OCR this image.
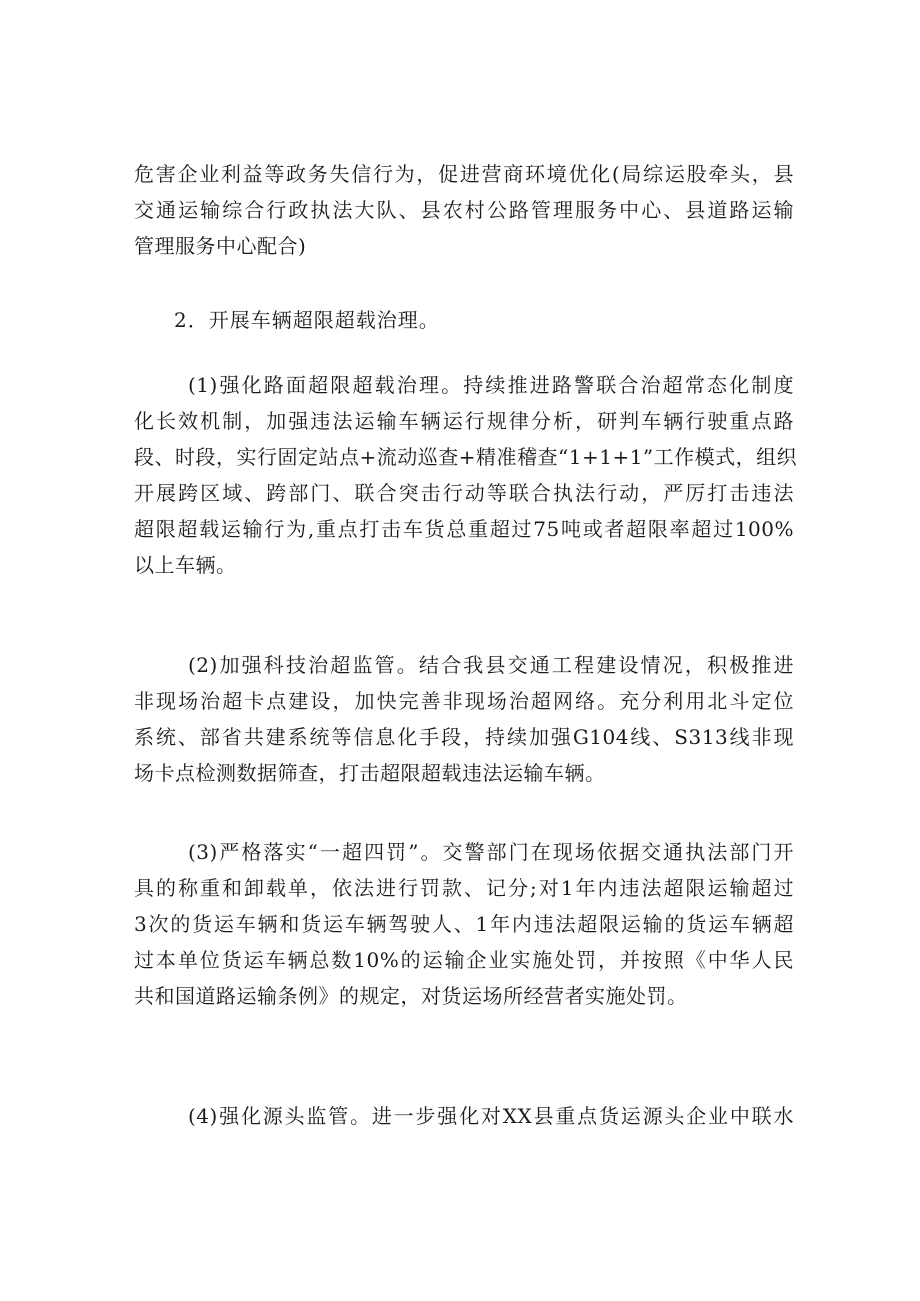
危害企业利益等政务失信行为，促进营商环境优化(局综运股牵头，县
交通运输综合行政执法大队、县农村公路管理服务中心、县道路运输
管理服务中心配合)

2．开展车辆超限超载治理。

(1)强化路面超限超载治理。持续推进路警联合治超常态化制度
化长效机制，加强违法运输车辆运行规律分析，研判车辆行驶重点路
段、时段，实行固定站点+流动巡查+精准稽查“1+1+1”工作模式，组织
开展跨区域、跨部门、联合突击行动等联合执法行动，严厉打击违法
超限超载运输行为,重点打击车货总重超过75吨或者超限率超过100%
以上车辆。

(2)加强科技治超监管。结合我县交通工程建设情况，积极推进
非现场治超卡点建设，加快完善非现场治超网络。充分利用北斗定位
系统、部省共建系统等信息化手段，持续加强G104线、S313线非现
场卡点检测数据筛查，打击超限超载违法运输车辆。

(3)严格落实“一超四罚”。交警部门在现场依据交通执法部门开
具的称重和卸载单，依法进行罚款、记分;对1年内违法超限运输超过
3次的货运车辆和货运车辆驾驶人、1年内违法超限运输的货运车辆超
过本单位货运车辆总数10%的运输企业实施处罚，并按照《中华人民
共和国道路运输条例》的规定，对货运场所经营者实施处罚。

(4)强化源头监管。进一步强化对XX县重点货运源头企业中联水
